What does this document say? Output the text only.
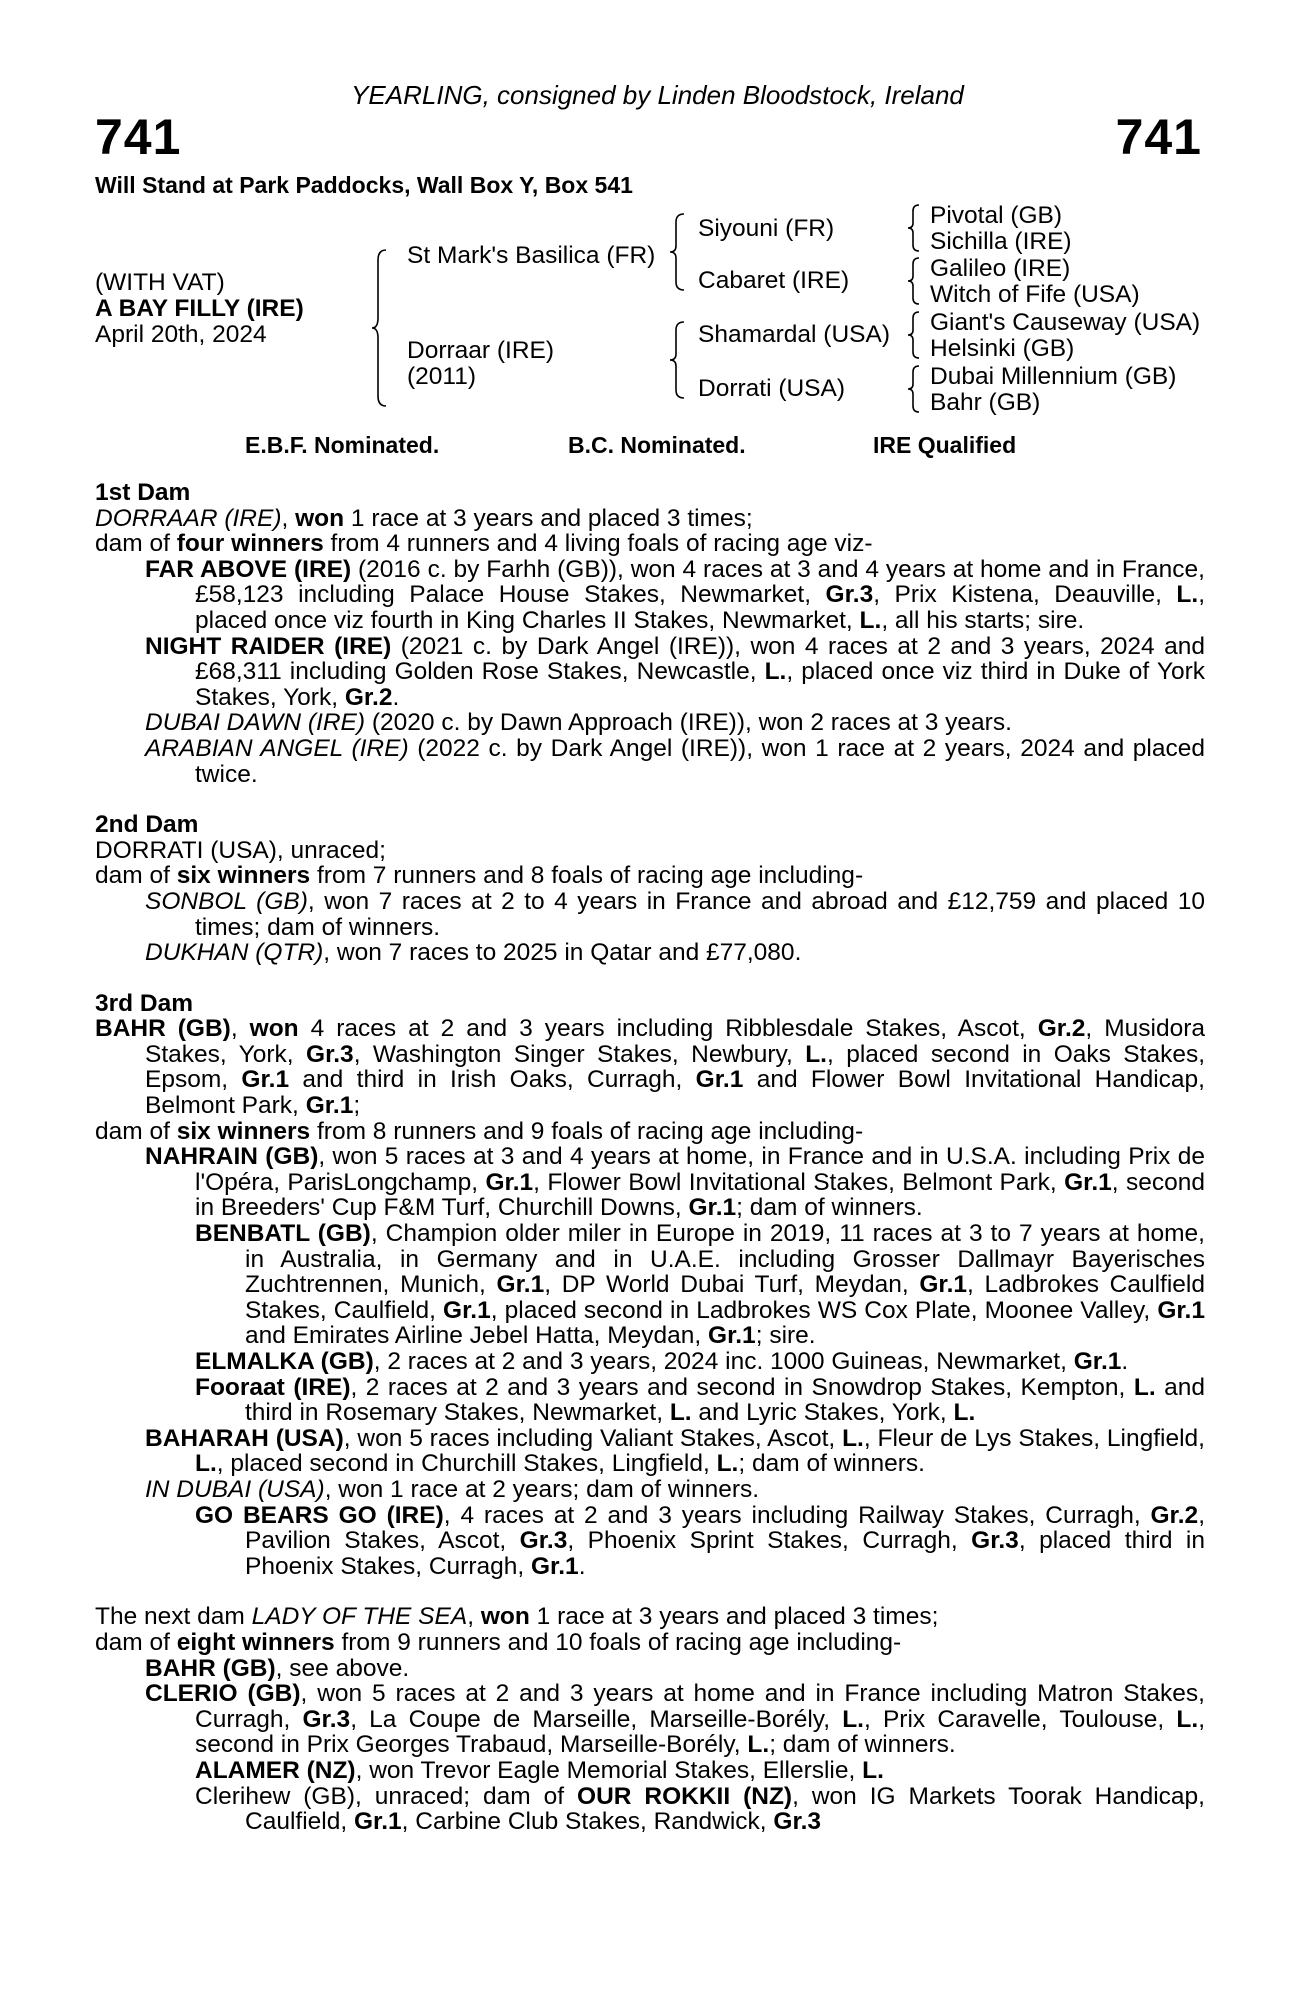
YEARLING, consigned by Linden Bloodstock, Ireland
741	741
Will Stand at Park Paddocks, Wall Box Y, Box 541
(WITH VAT)
A BAY FILLY (IRE)
April 20th, 2024
St Mark's Basilica (FR)
Dorraar (IRE)
(2011)
Siyouni (FR)
Cabaret (IRE)
Shamardal (USA)
Dorrati (USA)
Pivotal (GB)
Sichilla (IRE)
Galileo (IRE)
Witch of Fife (USA)
Giant's Causeway (USA)
Helsinki (GB)
Dubai Millennium (GB)
Bahr (GB)
E.B.F. Nominated.	B.C. Nominated.	IRE Qualified

1st Dam

DORRAAR (IRE), won 1 race at 3 years and placed 3 times;

dam of four winners from 4 runners and 4 living foals of racing age viz-

FAR ABOVE (IRE) (2016 c. by Farhh (GB)), won 4 races at 3 and 4 years at home and in France, £58,123 including Palace House Stakes, Newmarket, Gr.3, Prix Kistena, Deauville, L., placed once viz fourth in King Charles II Stakes, Newmarket, L., all his starts; sire.

NIGHT RAIDER (IRE) (2021 c. by Dark Angel (IRE)), won 4 races at 2 and 3 years, 2024 and £68,311 including Golden Rose Stakes, Newcastle, L., placed once viz third in Duke of York Stakes, York, Gr.2.

DUBAI DAWN (IRE) (2020 c. by Dawn Approach (IRE)), won 2 races at 3 years.

ARABIAN ANGEL (IRE) (2022 c. by Dark Angel (IRE)), won 1 race at 2 years, 2024 and placed twice.

2nd Dam

DORRATI (USA), unraced;

dam of six winners from 7 runners and 8 foals of racing age including-

SONBOL (GB), won 7 races at 2 to 4 years in France and abroad and £12,759 and placed 10 times; dam of winners.

DUKHAN (QTR), won 7 races to 2025 in Qatar and £77,080.

3rd Dam

BAHR (GB), won 4 races at 2 and 3 years including Ribblesdale Stakes, Ascot, Gr.2, Musidora Stakes, York, Gr.3, Washington Singer Stakes, Newbury, L., placed second in Oaks Stakes, Epsom, Gr.1 and third in Irish Oaks, Curragh, Gr.1 and Flower Bowl Invitational Handicap, Belmont Park, Gr.1;

dam of six winners from 8 runners and 9 foals of racing age including-

NAHRAIN (GB), won 5 races at 3 and 4 years at home, in France and in U.S.A. including Prix de l'Opéra, ParisLongchamp, Gr.1, Flower Bowl Invitational Stakes, Belmont Park, Gr.1, second in Breeders' Cup F&M Turf, Churchill Downs, Gr.1; dam of winners.

BENBATL (GB), Champion older miler in Europe in 2019, 11 races at 3 to 7 years at home, in Australia, in Germany and in U.A.E. including Grosser Dallmayr Bayerisches Zuchtrennen, Munich, Gr.1, DP World Dubai Turf, Meydan, Gr.1, Ladbrokes Caulfield Stakes, Caulfield, Gr.1, placed second in Ladbrokes WS Cox Plate, Moonee Valley, Gr.1 and Emirates Airline Jebel Hatta, Meydan, Gr.1; sire.

ELMALKA (GB), 2 races at 2 and 3 years, 2024 inc. 1000 Guineas, Newmarket, Gr.1.

Fooraat (IRE), 2 races at 2 and 3 years and second in Snowdrop Stakes, Kempton, L. and third in Rosemary Stakes, Newmarket, L. and Lyric Stakes, York, L.

BAHARAH (USA), won 5 races including Valiant Stakes, Ascot, L., Fleur de Lys Stakes, Lingfield, L., placed second in Churchill Stakes, Lingfield, L.; dam of winners.

IN DUBAI (USA), won 1 race at 2 years; dam of winners.

GO BEARS GO (IRE), 4 races at 2 and 3 years including Railway Stakes, Curragh, Gr.2, Pavilion Stakes, Ascot, Gr.3, Phoenix Sprint Stakes, Curragh, Gr.3, placed third in Phoenix Stakes, Curragh, Gr.1.

The next dam LADY OF THE SEA, won 1 race at 3 years and placed 3 times;

dam of eight winners from 9 runners and 10 foals of racing age including-

BAHR (GB), see above.

CLERIO (GB), won 5 races at 2 and 3 years at home and in France including Matron Stakes, Curragh, Gr.3, La Coupe de Marseille, Marseille-Borély, L., Prix Caravelle, Toulouse, L., second in Prix Georges Trabaud, Marseille-Borély, L.; dam of winners.

ALAMER (NZ), won Trevor Eagle Memorial Stakes, Ellerslie, L.

Clerihew (GB), unraced; dam of OUR ROKKII (NZ), won IG Markets Toorak Handicap, Caulfield, Gr.1, Carbine Club Stakes, Randwick, Gr.3
